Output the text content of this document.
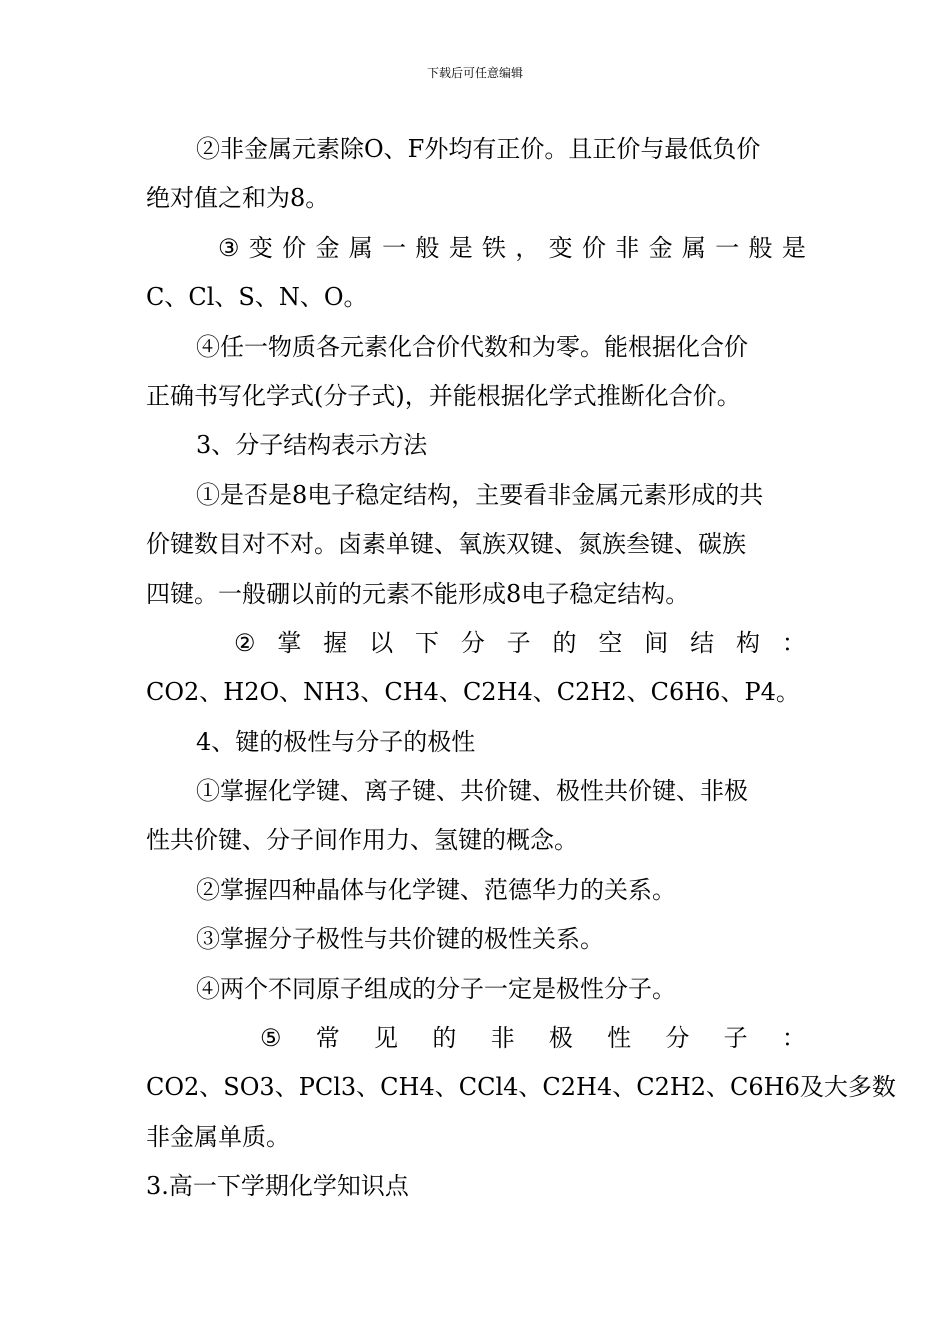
下载后可任意编辑
②非金属元素除O、F外均有正价。且正价与最低负价
绝对值之和为8。
③ 变 价 金 属 一 般 是 铁 ， 变 价 非 金 属 一 般 是
C、Cl、S、N、O。
④任一物质各元素化合价代数和为零。能根据化合价
正确书写化学式(分子式)，并能根据化学式推断化合价。
3、分子结构表示方法
①是否是8电子稳定结构，主要看非金属元素形成的共
价键数目对不对。卤素单键、氧族双键、氮族叁键、碳族
四键。一般硼以前的元素不能形成8电子稳定结构。
② 掌 握 以 下 分 子 的 空 间 结 构 ：
CO2、H2O、NH3、CH4、C2H4、C2H2、C6H6、P4。
4、键的极性与分子的极性
①掌握化学键、离子键、共价键、极性共价键、非极
性共价键、分子间作用力、氢键的概念。
②掌握四种晶体与化学键、范德华力的关系。
③掌握分子极性与共价键的极性关系。
④两个不同原子组成的分子一定是极性分子。
⑤ 常 见 的 非 极 性 分 子 ：
CO2、SO3、PCl3、CH4、CCl4、C2H4、C2H2、C6H6及大多数
非金属单质。
3.高一下学期化学知识点
